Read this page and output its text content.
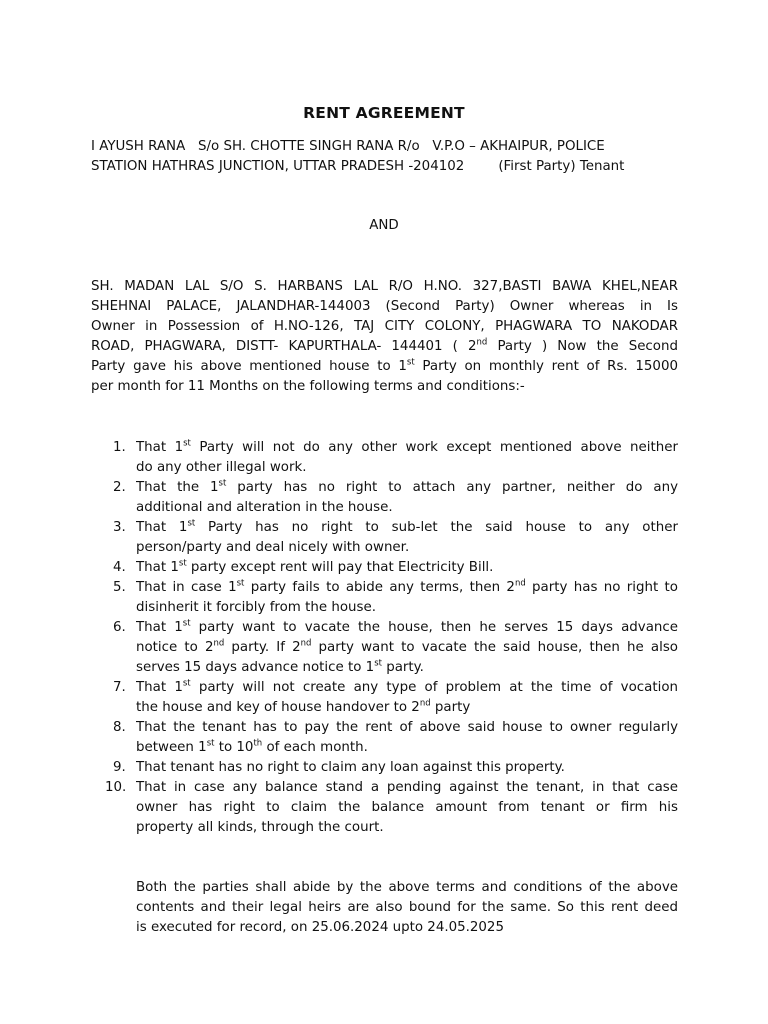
RENT AGREEMENT
I AYUSH RANA   S/o SH. CHOTTE SINGH RANA R/o   V.P.O – AKHAIPUR, POLICE
STATION HATHRAS JUNCTION, UTTAR PRADESH -204102        (First Party) Tenant
AND
SH. MADAN LAL S/O S. HARBANS LAL R/O H.NO. 327,BASTI BAWA KHEL,NEAR
SHEHNAI PALACE, JALANDHAR-144003 (Second Party) Owner whereas in Is
Owner in Possession of H.NO-126, TAJ CITY COLONY, PHAGWARA TO NAKODAR
ROAD, PHAGWARA, DISTT- KAPURTHALA- 144401 ( 2nd Party ) Now the Second
Party gave his above mentioned house to 1st Party on monthly rent of Rs. 15000
per month for 11 Months on the following terms and conditions:-
1. That 1st Party will not do any other work except mentioned above neither
do any other illegal work.
2. That the 1st party has no right to attach any partner, neither do any
additional and alteration in the house.
3. That 1st Party has no right to sub-let the said house to any other
person/party and deal nicely with owner.
4. That 1st party except rent will pay that Electricity Bill.
5. That in case 1st party fails to abide any terms, then 2nd party has no right to
disinherit it forcibly from the house.
6. That 1st party want to vacate the house, then he serves 15 days advance
notice to 2nd party. If 2nd party want to vacate the said house, then he also
serves 15 days advance notice to 1st party.
7. That 1st party will not create any type of problem at the time of vocation
the house and key of house handover to 2nd party
8. That the tenant has to pay the rent of above said house to owner regularly
between 1st to 10th of each month.
9. That tenant has no right to claim any loan against this property.
10. That in case any balance stand a pending against the tenant, in that case
owner has right to claim the balance amount from tenant or firm his
property all kinds, through the court.
Both the parties shall abide by the above terms and conditions of the above
contents and their legal heirs are also bound for the same. So this rent deed
is executed for record, on 25.06.2024 upto 24.05.2025
